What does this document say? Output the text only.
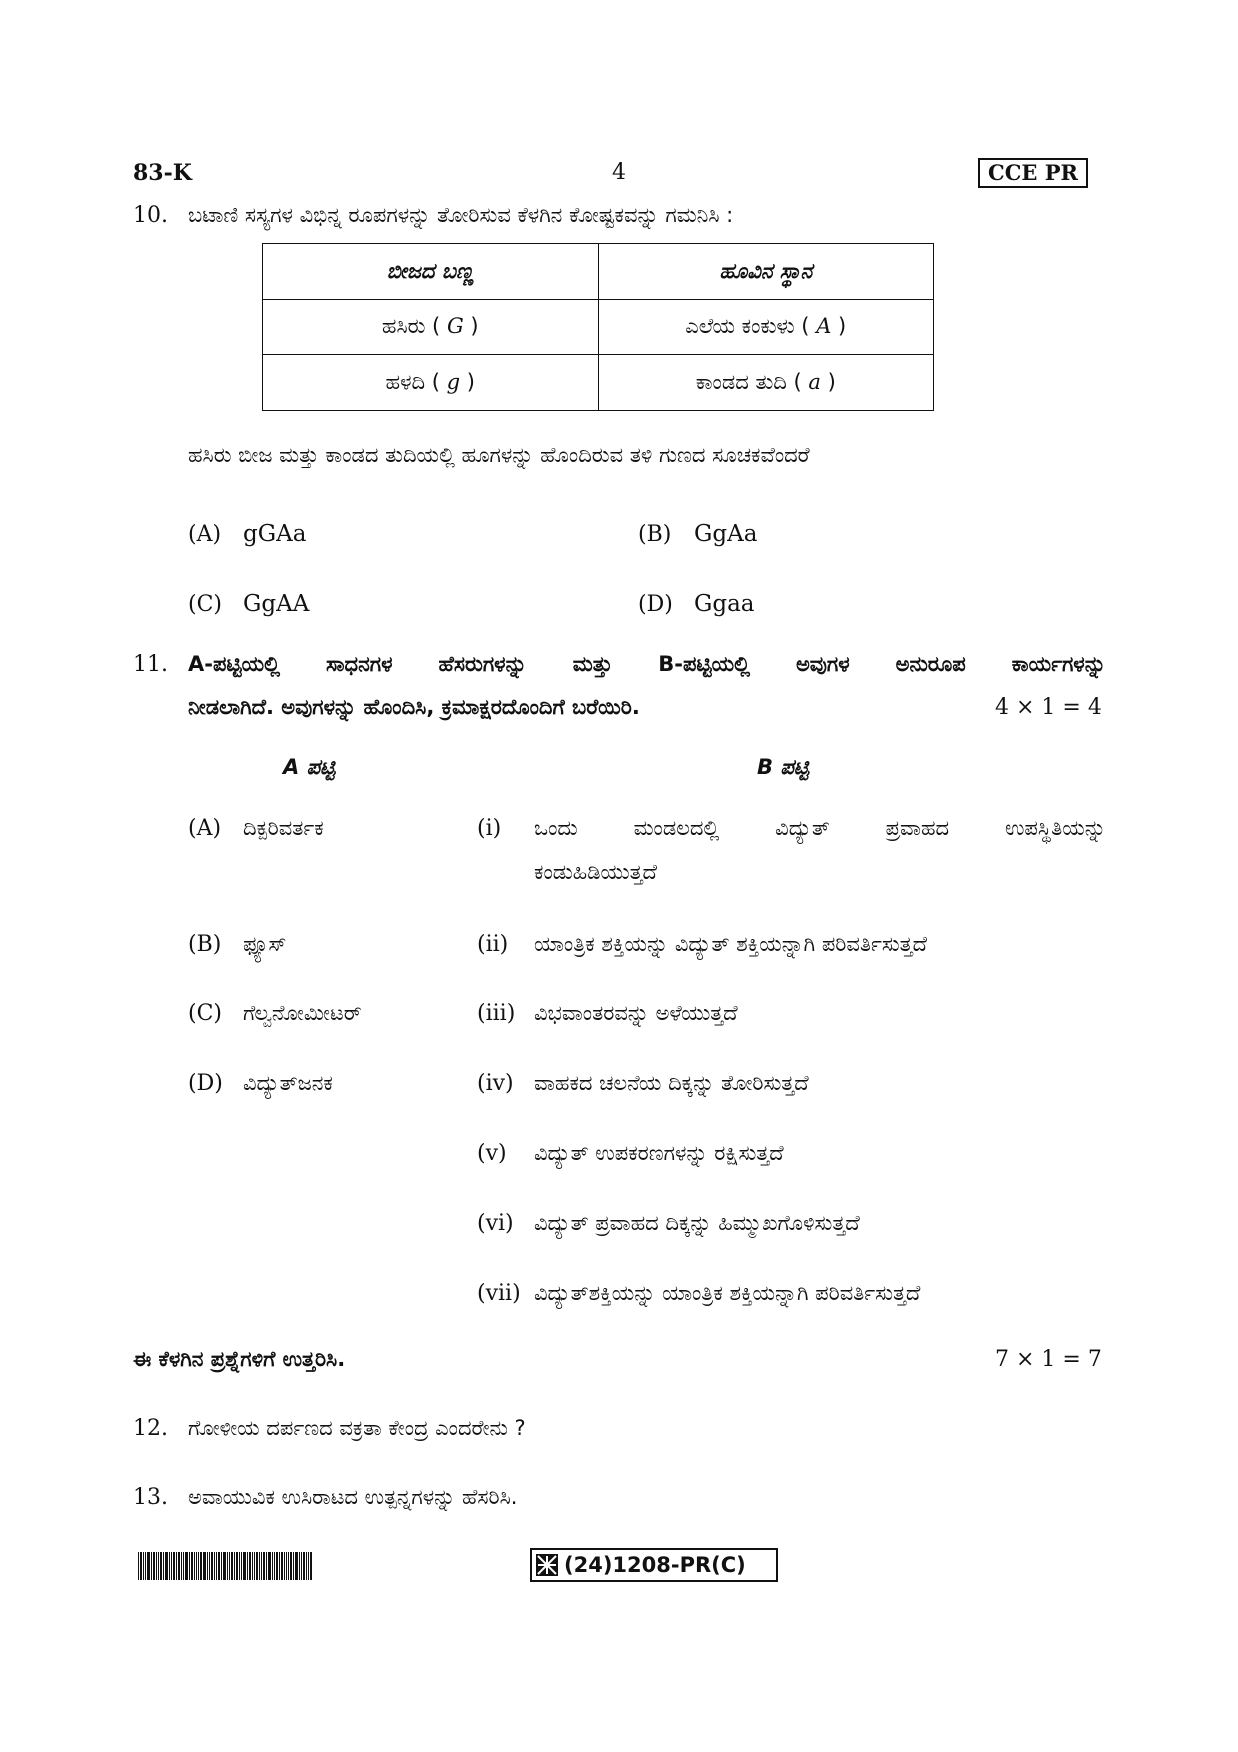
83-K	4	CCE PR
10. ಬಟಾಣಿ ಸಸ್ಯಗಳ ವಿಭಿನ್ನ ರೂಪಗಳನ್ನು ತೋರಿಸುವ ಕೆಳಗಿನ ಕೋಷ್ಟಕವನ್ನು ಗಮನಿಸಿ :
ಬೀಜದ ಬಣ್ಣ	ಹೂವಿನ ಸ್ಥಾನ
ಹಸಿರು ( G )	ಎಲೆಯ ಕಂಕುಳು ( A )
ಹಳದಿ ( g )	ಕಾಂಡದ ತುದಿ ( a )
ಹಸಿರು ಬೀಜ ಮತ್ತು ಕಾಂಡದ ತುದಿಯಲ್ಲಿ ಹೂಗಳನ್ನು ಹೊಂದಿರುವ ತಳಿ ಗುಣದ ಸೂಚಕವೆಂದರೆ
(A) gGAa	(B) GgAa
(C) GgAA	(D) Ggaa
11. A-ಪಟ್ಟಿಯಲ್ಲಿ ಸಾಧನಗಳ ಹೆಸರುಗಳನ್ನು ಮತ್ತು B-ಪಟ್ಟಿಯಲ್ಲಿ ಅವುಗಳ ಅನುರೂಪ ಕಾರ್ಯಗಳನ್ನು
ನೀಡಲಾಗಿದೆ. ಅವುಗಳನ್ನು ಹೊಂದಿಸಿ, ಕ್ರಮಾಕ್ಷರದೊಂದಿಗೆ ಬರೆಯಿರಿ.	4 × 1 = 4
A ಪಟ್ಟಿ	B ಪಟ್ಟಿ
(A) ದಿಕ್ಪರಿವರ್ತಕ
(B) ಫ್ಯೂಸ್
(C) ಗೆಲ್ವನೋಮೀಟರ್
(D) ವಿದ್ಯುತ್‌ಜನಕ
(i) ಒಂದು	ಮಂಡಲದಲ್ಲಿ	ವಿದ್ಯುತ್	ಪ್ರವಾಹದ	ಉಪಸ್ಥಿತಿಯನ್ನು
ಕಂಡುಹಿಡಿಯುತ್ತದೆ
(ii) ಯಾಂತ್ರಿಕ ಶಕ್ತಿಯನ್ನು ವಿದ್ಯುತ್ ಶಕ್ತಿಯನ್ನಾಗಿ ಪರಿವರ್ತಿಸುತ್ತದೆ
(iii) ವಿಭವಾಂತರವನ್ನು ಅಳೆಯುತ್ತದೆ
(iv) ವಾಹಕದ ಚಲನೆಯ ದಿಕ್ಕನ್ನು ತೋರಿಸುತ್ತದೆ
(v) ವಿದ್ಯುತ್ ಉಪಕರಣಗಳನ್ನು ರಕ್ಷಿಸುತ್ತದೆ
(vi) ವಿದ್ಯುತ್ ಪ್ರವಾಹದ ದಿಕ್ಕನ್ನು ಹಿಮ್ಮುಖಗೊಳಿಸುತ್ತದೆ
(vii) ವಿದ್ಯುತ್‌ಶಕ್ತಿಯನ್ನು ಯಾಂತ್ರಿಕ ಶಕ್ತಿಯನ್ನಾಗಿ ಪರಿವರ್ತಿಸುತ್ತದೆ
ಈ ಕೆಳಗಿನ ಪ್ರಶ್ನೆಗಳಿಗೆ ಉತ್ತರಿಸಿ.	7 × 1 = 7
12. ಗೋಳೀಯ ದರ್ಪಣದ ವಕ್ರತಾ ಕೇಂದ್ರ ಎಂದರೇನು ?
13. ಅವಾಯುವಿಕ ಉಸಿರಾಟದ ಉತ್ಪನ್ನಗಳನ್ನು ಹೆಸರಿಸಿ.
(24)1208-PR(C)
